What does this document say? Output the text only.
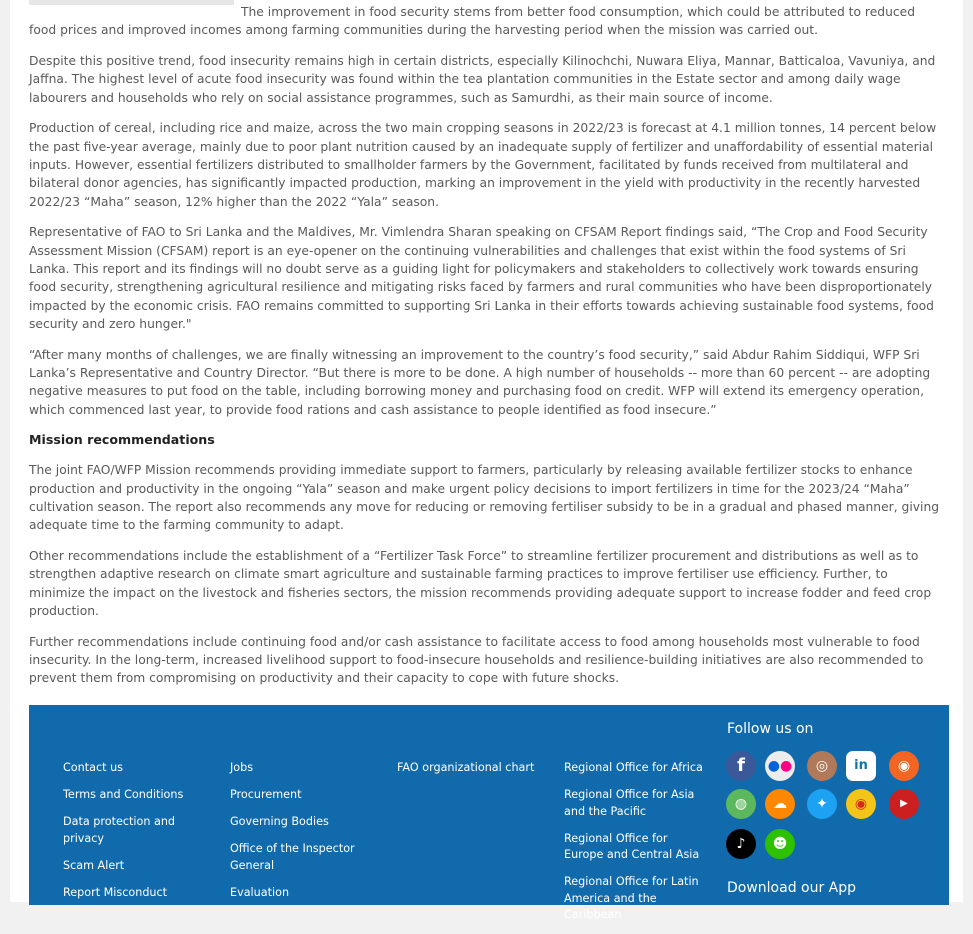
The improvement in food security stems from better food consumption, which could be attributed to reduced food prices and improved incomes among farming communities during the harvesting period when the mission was carried out.

Despite this positive trend, food insecurity remains high in certain districts, especially Kilinochchi, Nuwara Eliya, Mannar, Batticaloa, Vavuniya, and Jaffna. The highest level of acute food insecurity was found within the tea plantation communities in the Estate sector and among daily wage labourers and households who rely on social assistance programmes, such as Samurdhi, as their main source of income.

Production of cereal, including rice and maize, across the two main cropping seasons in 2022/23 is forecast at 4.1 million tonnes, 14 percent below the past five-year average, mainly due to poor plant nutrition caused by an inadequate supply of fertilizer and unaffordability of essential material inputs. However, essential fertilizers distributed to smallholder farmers by the Government, facilitated by funds received from multilateral and bilateral donor agencies, has significantly impacted production, marking an improvement in the yield with productivity in the recently harvested 2022/23 “Maha” season, 12% higher than the 2022 “Yala” season.

Representative of FAO to Sri Lanka and the Maldives, Mr. Vimlendra Sharan speaking on CFSAM Report findings said, “The Crop and Food Security Assessment Mission (CFSAM) report is an eye-opener on the continuing vulnerabilities and challenges that exist within the food systems of Sri Lanka. This report and its findings will no doubt serve as a guiding light for policymakers and stakeholders to collectively work towards ensuring food security, strengthening agricultural resilience and mitigating risks faced by farmers and rural communities who have been disproportionately impacted by the economic crisis. FAO remains committed to supporting Sri Lanka in their efforts towards achieving sustainable food systems, food security and zero hunger."

“After many months of challenges, we are finally witnessing an improvement to the country’s food security,” said Abdur Rahim Siddiqui, WFP Sri Lanka’s Representative and Country Director. “But there is more to be done. A high number of households -- more than 60 percent -- are adopting negative measures to put food on the table, including borrowing money and purchasing food on credit. WFP will extend its emergency operation, which commenced last year, to provide food rations and cash assistance to people identified as food insecure.”

Mission recommendations

The joint FAO/WFP Mission recommends providing immediate support to farmers, particularly by releasing available fertilizer stocks to enhance production and productivity in the ongoing “Yala” season and make urgent policy decisions to import fertilizers in time for the 2023/24 “Maha” cultivation season. The report also recommends any move for reducing or removing fertiliser subsidy to be in a gradual and phased manner, giving adequate time to the farming community to adapt.

Other recommendations include the establishment of a “Fertilizer Task Force” to streamline fertilizer procurement and distributions as well as to strengthen adaptive research on climate smart agriculture and sustainable farming practices to improve fertiliser use efficiency. Further, to minimize the impact on the livestock and fisheries sectors, the mission recommends providing adequate support to increase fodder and feed crop production.

Further recommendations include continuing food and/or cash assistance to facilitate access to food among households most vulnerable to food insecurity. In the long-term, increased livelihood support to food-insecure households and resilience-building initiatives are also recommended to prevent them from compromising on productivity and their capacity to cope with future shocks.

Contact us
Terms and Conditions
Data protection and privacy
Scam Alert
Report Misconduct
Jobs
Procurement
Governing Bodies
Office of the Inspector General
Evaluation
FAO organizational chart	Regional Office for Africa
Regional Office for Asia and the Pacific
Regional Office for Europe and Central Asia
Regional Office for Latin America and the Caribbean
Follow us on
f	●●	◎	in	◉
◍	☁	✦	◉	▶
♪	☻
Download our App
